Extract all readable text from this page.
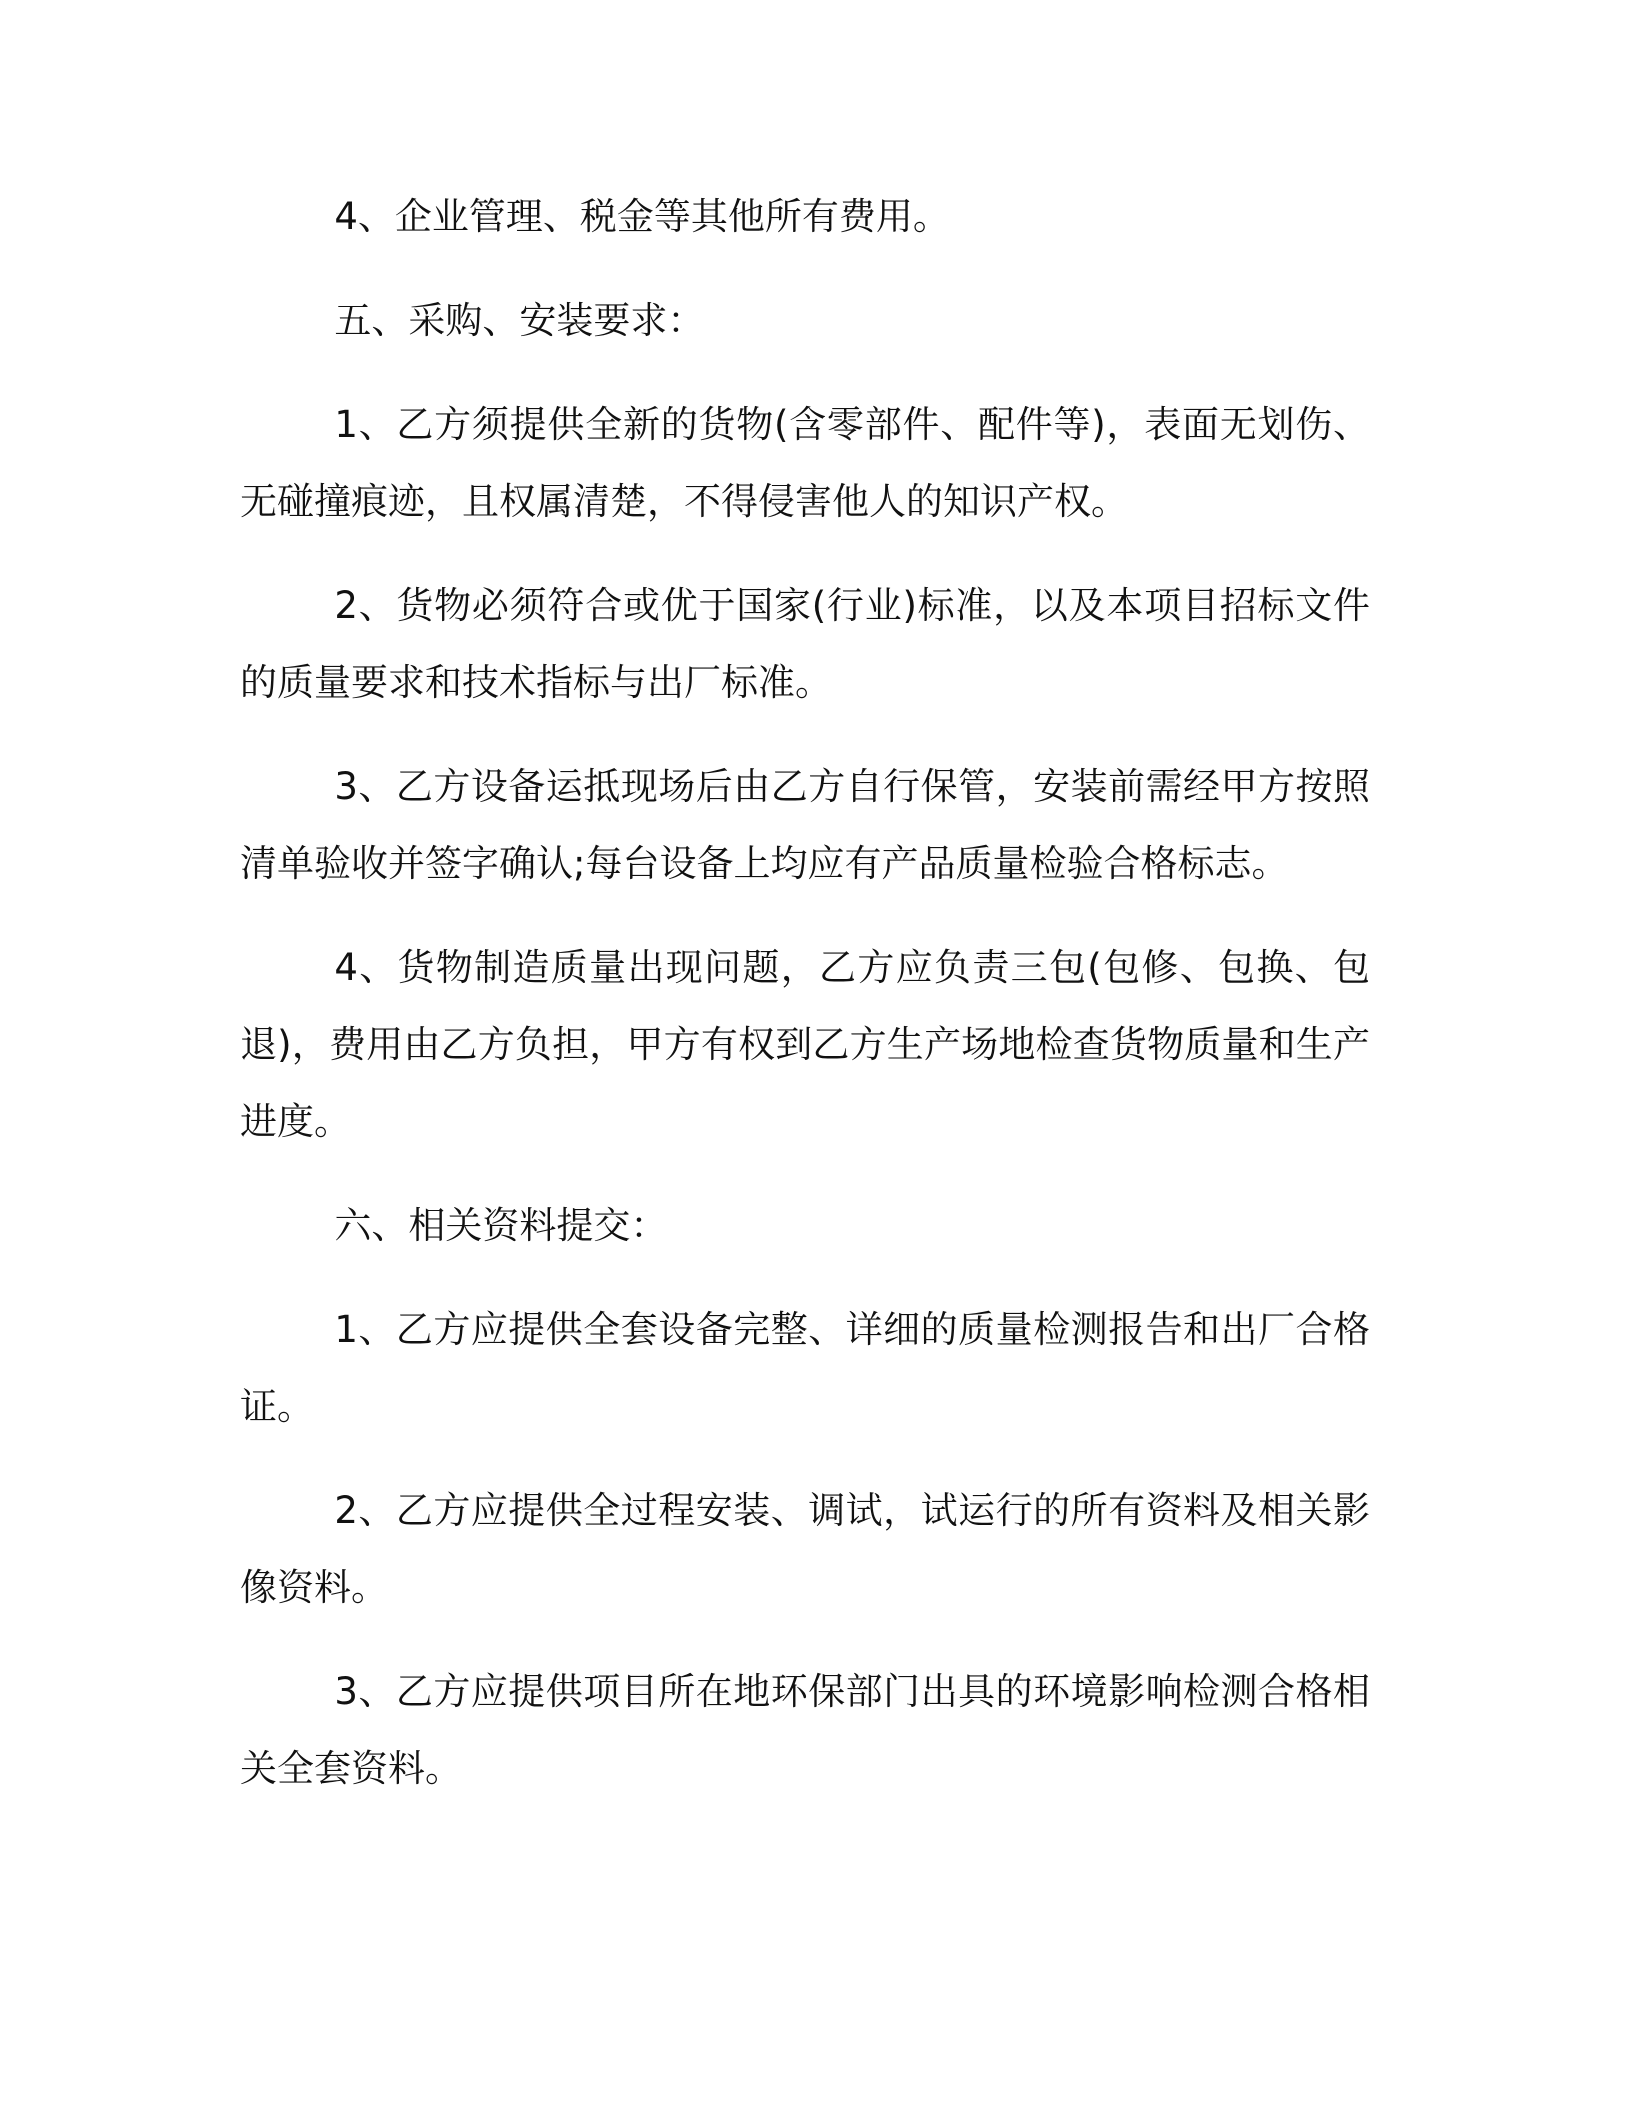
4、企业管理、税金等其他所有费用。

五、采购、安装要求：

1、乙方须提供全新的货物(含零部件、配件等)，表面无划伤、无碰撞痕迹，且权属清楚，不得侵害他人的知识产权。

2、货物必须符合或优于国家(行业)标准，以及本项目招标文件的质量要求和技术指标与出厂标准。

3、乙方设备运抵现场后由乙方自行保管，安装前需经甲方按照清单验收并签字确认;每台设备上均应有产品质量检验合格标志。

4、货物制造质量出现问题，乙方应负责三包(包修、包换、包退)，费用由乙方负担，甲方有权到乙方生产场地检查货物质量和生产进度。

六、相关资料提交：

1、乙方应提供全套设备完整、详细的质量检测报告和出厂合格证。

2、乙方应提供全过程安装、调试，试运行的所有资料及相关影像资料。

3、乙方应提供项目所在地环保部门出具的环境影响检测合格相关全套资料。
